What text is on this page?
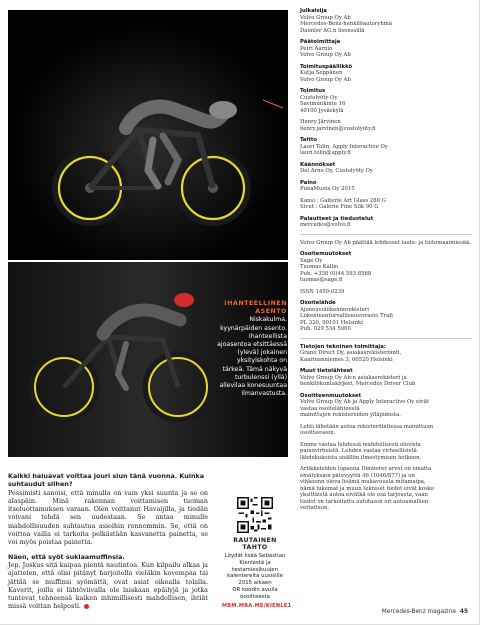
IHANTEELLINEN
ASENTO
Niskakulma,
kyynärpäiden asento.
Ihanteellista
ajoasentoa etsittäessä
(ylevä) jokainen
yksityiskohta on
tärkeä. Tämä näkyvä
turbulenssi (yllä)
allevilaa konesuuntaa
ilmanvastusta.
Kaikki haluavat voittaa jouri siun tänä vuonna. Kuinka suhtaudut siihen?
Pessimisti sanoisi, että minulla on vain yksi suunta ja se on alaspäin. Minä rakennan voittamisen tuoman itseluottamuksen varaan. Olen voittanut Havaijilla, ja tiedän voivani tehdä sen uudestaan. Se antaa minulle mahdollisuuden suhtautua asioihin rennommin. Se, että on voittoa vailla ei tarkoita pelkästään kasvanetta painetta, se voi myös poistaa painetta.
Näen, että syöt suklaamuffinsia.
Jep. Joskus sitä kaipaa pientä nautintoa. Kun kilpailu alkaa ja ajattelen, että olisi pitänyt harjoitella vieläkin kovempaa tai jättää se muffinsi syömättä, ovat asiat oikealla tolalla. Kaverit, joilla ei lähtöviivalla ole laiskaan epäilyjä ja jotka tuntevat tehneensä kaiken inhimillisesti mahdollisen, ihtiät missä voittan helposti.
RAUTAINEN TAHTO
Löydät lisää Sebastian Kienlestä ja testamiesikuujen kalentereita uusisille 2015 alkaen
OR koodin avulla osoitteesta
MBM.MBA.ME/KIENLE1
Julkaisija
Volvo Group Oy Ab
Mercedes-Benz-henkilöautoryhmä
Daimler AG:n lisenssillä
Päätoimittaja
Petri Aarnio
Volvo Group Oy Ab
Toimituspäällikkö
Katja Seppänen
Volvo Group Oy Ab
Toimitus
Custolyöty Oy
Savimunkinte 16
40100 Jyväskylä
Henry Järvinen
henry.jarvinen@custolyöty.fi
Taitto
Lauri Tolin, Apply Interactive Oy
lauri.tolin@apply.fi
Käännökset
Dei Arno Oy, Custolyöty Oy
Paino
PunaMusta Oy 2015
Kansi : Gaiterie Art Glass 280 G
Sivut : Galerie Fine Silk 90 G
Palautteet ja tiedustelut
mercedes@volvo.fi
Volvo Group Oy Ab päättää lehdesset laute- ja tietomaaimiesää.
Osoitemuutokset
Sage Oy
Tuomas Kallio
Puh. +358 (0)44 593 8568
tuomas@sage.fi
ISSN 1459-0239
Osoitelähde
Ajoneuvoliikennerekisteri
Liikenteenturvallisuusvirasto Trafi
PL 320, 00101 Helsinki
Puh. 029 534 5000
Tietojen tekninen toimittaja:
Grano Direct Oy, asiakasrekisteröinti,
Kaarinanniemes 3, 00520 Helsinki
Muut tietolähteet
Volvo Group Oy Ab:n asiakasrekisteri ja
henkilökuntakirjeet, Mercedes Driver Club
Osoitteenmuutokset
Volvo Group Oy Ab ja Apply Interactive Oy eivät
vastaa osoitelähteestä
mainittujen rekistereiden ylläpidosta.
Lehti lähetään autoa rekisteröintiessa mainittuun
osoitteeseen.
Emme vastaa lehdessä mahdollisesti olevista
painovirheistä. Lehden vastaa virheellisistä
lähdekokoista sisällön ilmestymisen hetkeen.
Artikkeleiden lupauna Dimborer arvot on ematta
emätyksien pätevyyttä 46 (1046/877) ja on
vihkoonn oleva lisämä mukavuusta mitamaipa,
nämä lukemat ja muun tekniset tiedot eivät koske
yksittäistä autoa eivätkä ole osa tarjousta, vaan
tiedot on tarkoitettu autotason eri autoamallien
vertailuun.
Mercedes-Benz magazine 45
